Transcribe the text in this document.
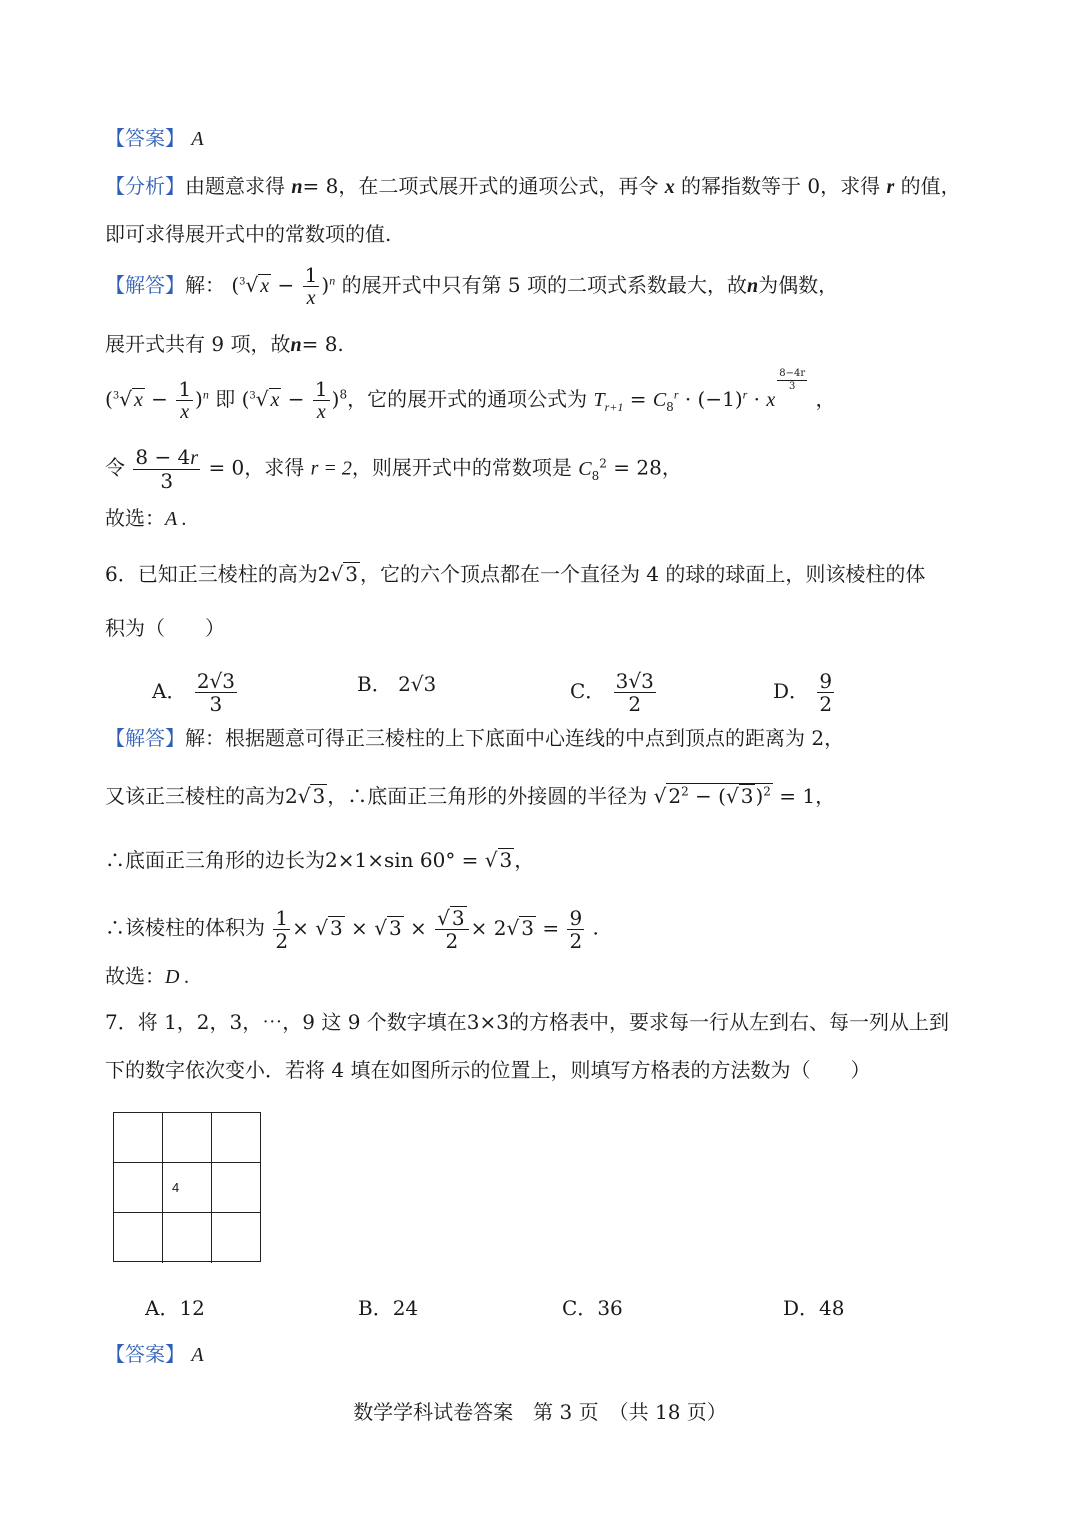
【答案】 A
【分析】由题意求得 n= 8，在二项式展开式的通项公式，再令 x 的幂指数等于 0，求得 r 的值，
即可求得展开式中的常数项的值.
【解答】解： ($^3$√ $x - \frac{1}{x} )^n$ 的展开式中只有第 5 项的二项式系数最大，故n为偶数，
展开式共有 9 项，故n= 8.
($^3$√ $x - \frac{1}{x} )^n$ 即 ($^3$√ $x - \frac{1}{x} )^8$，它的展开式的通项公式为 $T_{r+1} = C_8^r \cdot (-1)^r \cdot x$
$^{\frac{8-4r}{3}}$
，
令 $\frac{8 - 4r}{3} = 0$，求得 r = 2，则展开式中的常数项是 $C_8^2 = 28$，
故选：A .
6．已知正三棱柱的高为2√ 3 ，它的六个顶点都在一个直径为 4 的球的球面上，则该棱柱的体
积为（　　）
A． $\frac{2√3}{3}$	B． 2√3	C． $\frac{3√3}{2}$	D． $\frac{9}{2}$
【解答】解：根据题意可得正三棱柱的上下底面中心连线的中点到顶点的距离为 2，
又该正三棱柱的高为2√ 3 ，∴底面正三角形的外接圆的半径为 √ $2^2$ − (√ 3 )$^2$ = 1，
∴底面正三角形的边长为2×1×sin 60° = √ 3 ，
∴该棱柱的体积为 $\frac{1}{2}$ × √ 3 × √ $3 \times \frac{√ 3}{2} \times 2√$ $3 = \frac{9}{2}$ .
故选：D .
7．将 1，2，3，⋯，9 这 9 个数字填在3×3的方格表中，要求每一行从左到右、每一列从上到
下的数字依次变小．若将 4 填在如图所示的位置上，则填写方格表的方法数为（　　）
4
A．12	B．24	C．36	D．48
【答案】 A
数学学科试卷答案　第 3 页　（共 18 页）
